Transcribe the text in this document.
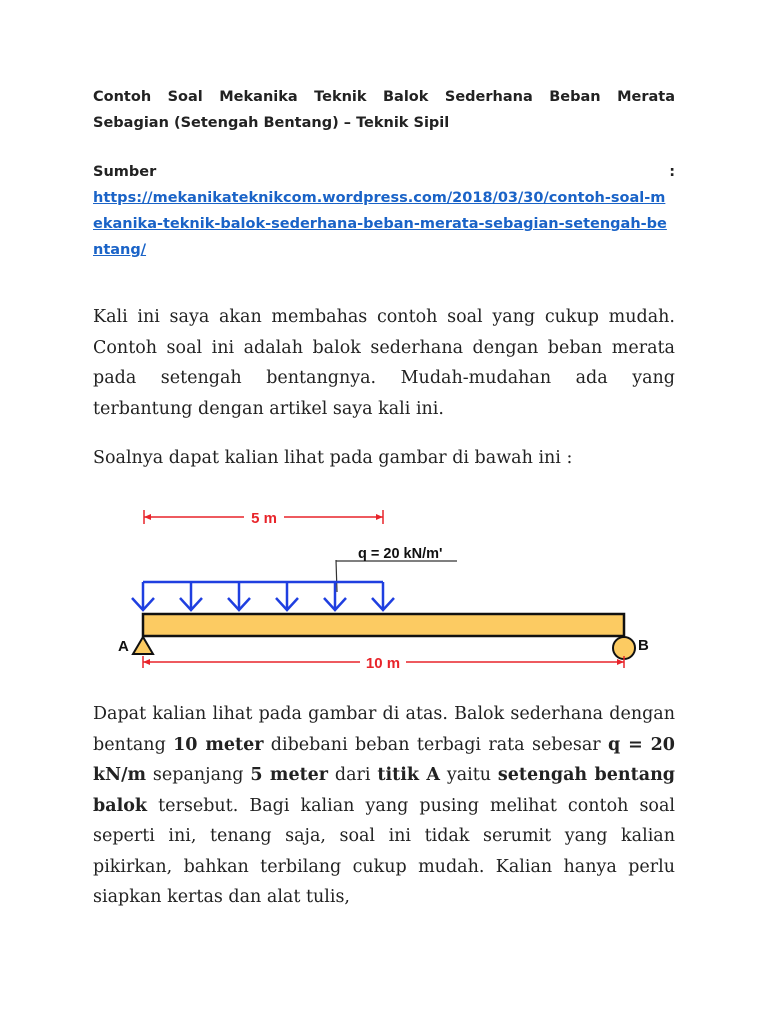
Contoh Soal Mekanika Teknik Balok Sederhana Beban Merata Sebagian (Setengah Bentang) – Teknik Sipil

Sumber	:
https://mekanikateknikcom.wordpress.com/2018/03/30/contoh-soal-mekanika-teknik-balok-sederhana-beban-merata-sebagian-setengah-bentang/

Kali ini saya akan membahas contoh soal yang cukup mudah. Contoh soal ini adalah balok sederhana dengan beban merata pada setengah bentangnya. Mudah-mudahan ada yang terbantung dengan artikel saya kali ini.

Soalnya dapat kalian lihat pada gambar di bawah ini :

Dapat kalian lihat pada gambar di atas. Balok sederhana dengan bentang 10 meter dibebani beban terbagi rata sebesar q = 20 kN/m sepanjang 5 meter dari titik A yaitu setengah bentang balok tersebut. Bagi kalian yang pusing melihat contoh soal seperti ini, tenang saja, soal ini tidak serumit yang kalian pikirkan, bahkan terbilang cukup mudah. Kalian hanya perlu siapkan kertas dan alat tulis,

5 m
q = 20 kN/m'
A	B
10 m
